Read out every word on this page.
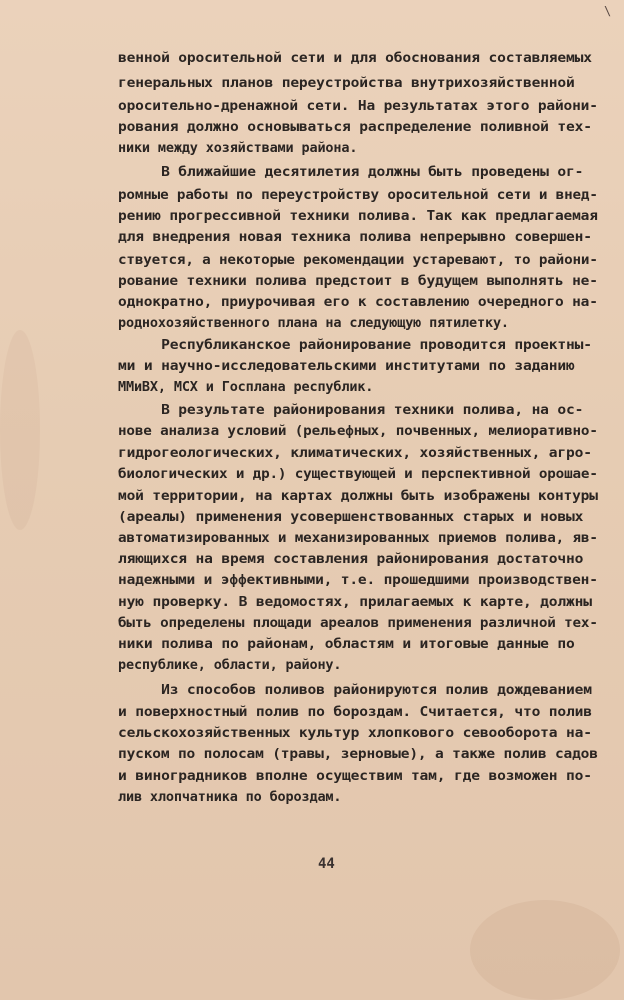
\
венной оросительной сети и для обоснования составляемых
генеральных планов переустройства внутрихозяйственной
оросительно-дренажной сети. На результатах этого райони-
рования должно основываться распределение поливной тех-
ники между хозяйствами района.
В ближайшие десятилетия должны быть проведены ог-
ромные работы по переустройству оросительной сети и внед-
рению прогрессивной техники полива. Так как предлагаемая
для внедрения новая техника полива непрерывно совершен-
ствуется, а некоторые рекомендации устаревают, то райони-
рование техники полива предстоит в будущем выполнять не-
однократно, приурочивая его к составлению очередного на-
роднохозяйственного плана на следующую пятилетку.
Республиканское районирование проводится проектны-
ми и научно-исследовательскими институтами по заданию
ММиВХ, МСХ и Госплана республик.
В результате районирования техники полива, на ос-
нове анализа условий (рельефных, почвенных, мелиоративно-
гидрогеологических, климатических, хозяйственных, агро-
биологических и др.) существующей и перспективной орошае-
мой территории, на картах должны быть изображены контуры
(ареалы) применения усовершенствованных старых и новых
автоматизированных и механизированных приемов полива, яв-
ляющихся на время составления районирования достаточно
надежными и эффективными, т.е. прошедшими производствен-
ную проверку. В ведомостях, прилагаемых к карте, должны
быть определены площади ареалов применения различной тех-
ники полива по районам, областям и итоговые данные по
республике, области, району.
Из способов поливов районируются полив дождеванием
и поверхностный полив по бороздам. Считается, что полив
сельскохозяйственных культур хлопкового севооборота на-
пуском по полосам (травы, зерновые), а также полив садов
и виноградников вполне осуществим там, где возможен по-
лив хлопчатника по бороздам.
44
